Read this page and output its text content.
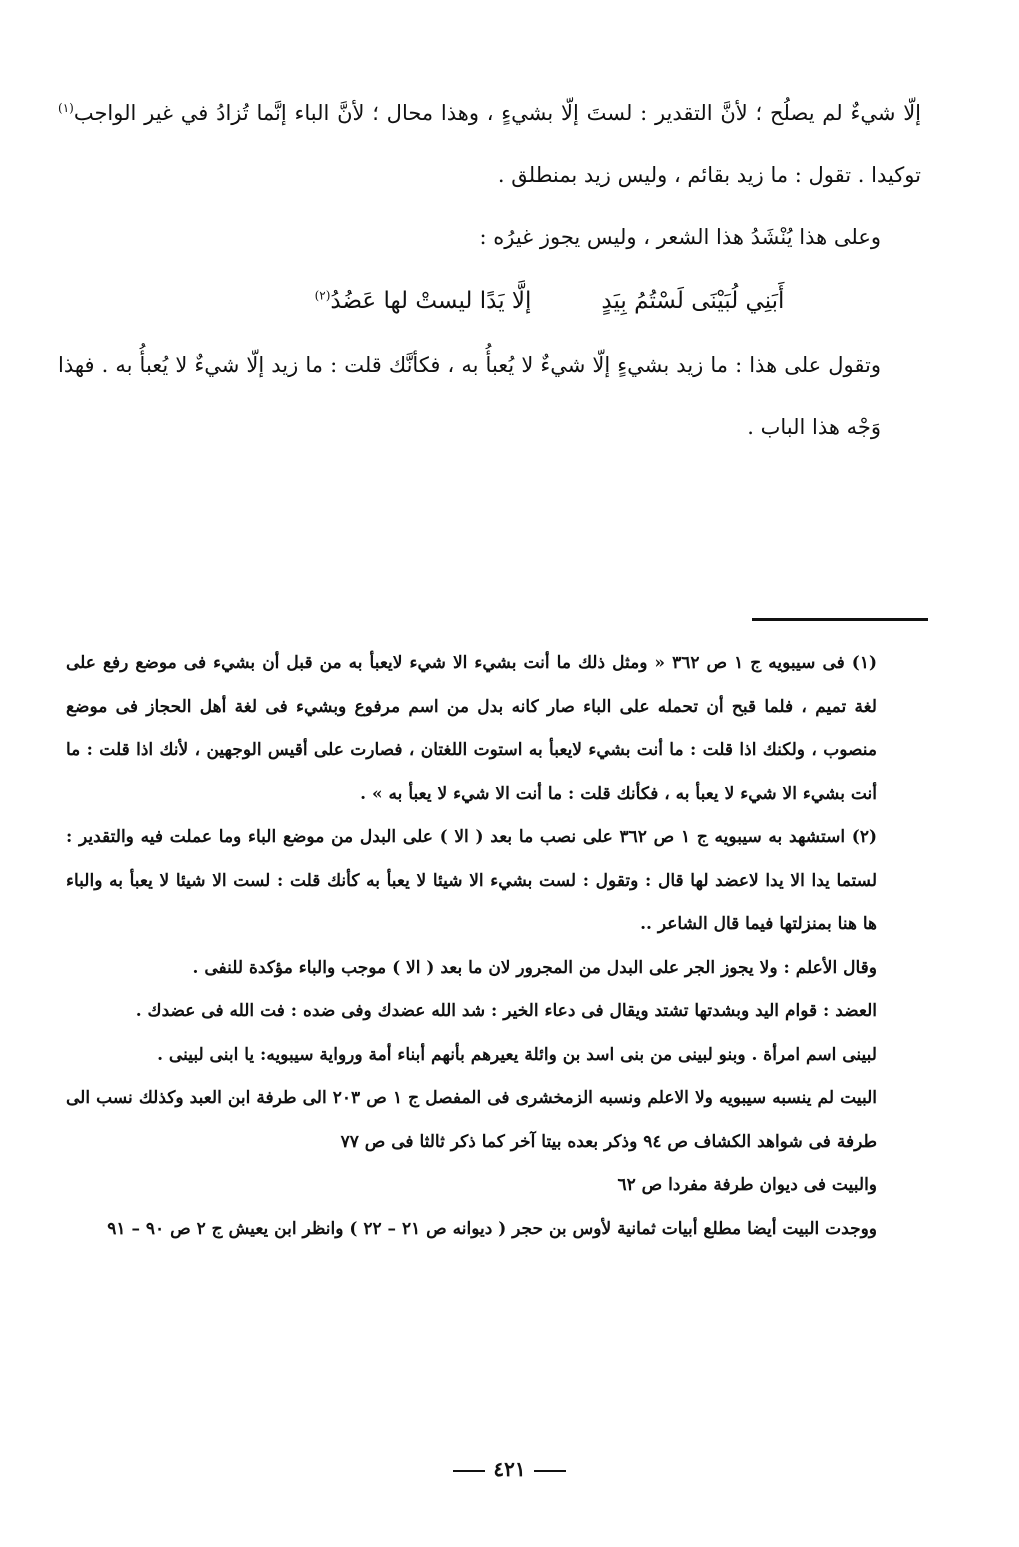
إلّا شيءٌ لم يصلُح ؛ لأنَّ التقدير : لستَ إلّا بشيءٍ ، وهذا محال ؛ لأنَّ الباء إنَّما تُزادُ في غير الواجب$^{(١)}$ توكيدا . تقول : ما زيد بقائم ، وليس زيد بمنطلق .

وعلى هذا يُنْشَدُ هذا الشعر ، وليس يجوز غيرُه :

أَبَنِي لُبَيْنَى لَسْتُمُ بِيَدٍ
إلَّا يَدًا ليستْ لها عَضُدُ$^{(٢)}$

وتقول على هذا : ما زيد بشيءٍ إلّا شيءٌ لا يُعبأُ به ، فكأنَّك قلت : ما زيد إلّا شيءٌ لا يُعبأُ به . فهذا وَجْه هذا الباب .

(١) فى سيبويه ج ١ ص ٣٦٢ « ومثل ذلك ما أنت بشيء الا شيء لايعبأ به من قبل أن بشيء فى موضع رفع على لغة تميم ، فلما قبح أن تحمله على الباء صار كانه بدل من اسم مرفوع وبشيء فى لغة أهل الحجاز فى موضع منصوب ، ولكنك اذا قلت : ما أنت بشيء لايعبأ به استوت اللغتان ، فصارت على أقيس الوجهين ، لأنك اذا قلت : ما أنت بشيء الا شيء لا يعبأ به ، فكأنك قلت : ما أنت الا شيء لا يعبأ به » .

(٢) استشهد به سيبويه ج ١ ص ٣٦٢ على نصب ما بعد ( الا ) على البدل من موضع الباء وما عملت فيه والتقدير : لستما يدا الا يدا لاعضد لها قال : وتقول : لست بشيء الا شيئا لا يعبأ به كأنك قلت : لست الا شيئا لا يعبأ به والباء ها هنا بمنزلتها فيما قال الشاعر ..

وقال الأعلم : ولا يجوز الجر على البدل من المجرور لان ما بعد ( الا ) موجب والباء مؤكدة للنفى .

العضد : قوام اليد وبشدتها تشتد ويقال فى دعاء الخير : شد الله عضدك وفى ضده : فت الله فى عضدك .

لبينى اسم امرأة . وبنو لبينى من بنى اسد بن وائلة يعيرهم بأنهم أبناء أمة ورواية سيبويه: يا ابنى لبينى .

البيت لم ينسبه سيبويه ولا الاعلم ونسبه الزمخشرى فى المفصل ج ١ ص ٢٠٣ الى طرفة ابن العبد وكذلك نسب الى طرفة فى شواهد الكشاف ص ٩٤ وذكر بعده بيتا آخر كما ذكر ثالثا فى ص ٧٧

والبيت فى ديوان طرفة مفردا ص ٦٢

ووجدت البيت أيضا مطلع أبيات ثمانية لأوس بن حجر ( ديوانه ص ٢١ – ٢٢ ) وانظر ابن يعيش ج ٢ ص ٩٠ – ٩١

٤٢١
